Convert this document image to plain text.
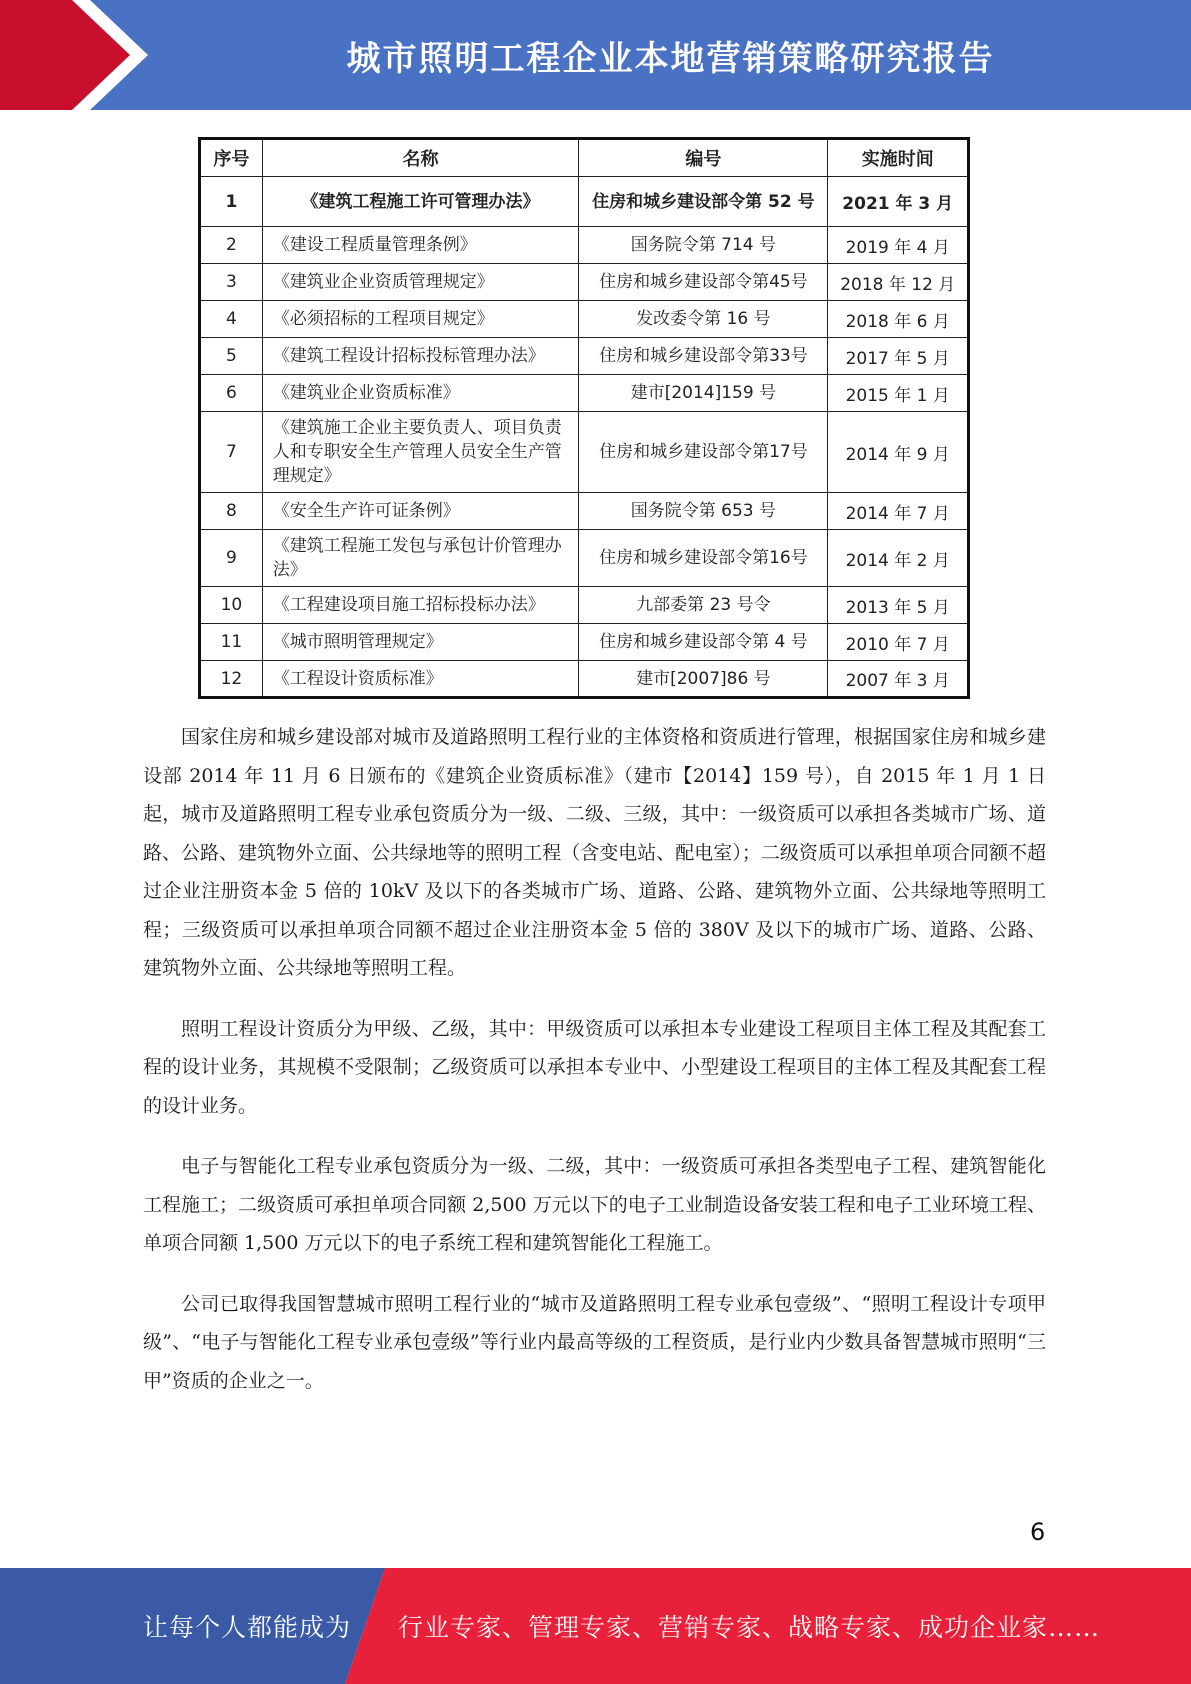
城市照明工程企业本地营销策略研究报告
序号	名称	编号	实施时间
1	《建筑工程施工许可管理办法》	住房和城乡建设部令第 52 号	2021 年 3 月
2	《建设工程质量管理条例》	国务院令第 714 号	2019 年 4 月
3	《建筑业企业资质管理规定》	住房和城乡建设部令第45号	2018 年 12 月
4	《必须招标的工程项目规定》	发改委令第 16 号	2018 年 6 月
5	《建筑工程设计招标投标管理办法》	住房和城乡建设部令第33号	2017 年 5 月
6	《建筑业企业资质标准》	建市[2014]159 号	2015 年 1 月
7	《建筑施工企业主要负责人、项目负责人和专职安全生产管理人员安全生产管理规定》	住房和城乡建设部令第17号	2014 年 9 月
8	《安全生产许可证条例》	国务院令第 653 号	2014 年 7 月
9	《建筑工程施工发包与承包计价管理办法》	住房和城乡建设部令第16号	2014 年 2 月
10	《工程建设项目施工招标投标办法》	九部委第 23 号令	2013 年 5 月
11	《城市照明管理规定》	住房和城乡建设部令第 4 号	2010 年 7 月
12	《工程设计资质标准》	建市[2007]86 号	2007 年 3 月

国家住房和城乡建设部对城市及道路照明工程行业的主体资格和资质进行管理，根据国家住房和城乡建设部 2014 年 11 月 6 日颁布的《建筑企业资质标准》（建市【2014】159 号），自 2015 年 1 月 1 日起，城市及道路照明工程专业承包资质分为一级、二级、三级，其中：一级资质可以承担各类城市广场、道路、公路、建筑物外立面、公共绿地等的照明工程（含变电站、配电室）；二级资质可以承担单项合同额不超过企业注册资本金 5 倍的 10kV 及以下的各类城市广场、道路、公路、建筑物外立面、公共绿地等照明工程；三级资质可以承担单项合同额不超过企业注册资本金 5 倍的 380V 及以下的城市广场、道路、公路、建筑物外立面、公共绿地等照明工程。

照明工程设计资质分为甲级、乙级，其中：甲级资质可以承担本专业建设工程项目主体工程及其配套工程的设计业务，其规模不受限制；乙级资质可以承担本专业中、小型建设工程项目的主体工程及其配套工程的设计业务。

电子与智能化工程专业承包资质分为一级、二级，其中：一级资质可承担各类型电子工程、建筑智能化工程施工；二级资质可承担单项合同额 2,500 万元以下的电子工业制造设备安装工程和电子工业环境工程、单项合同额 1,500 万元以下的电子系统工程和建筑智能化工程施工。

公司已取得我国智慧城市照明工程行业的“城市及道路照明工程专业承包壹级”、“照明工程设计专项甲级”、“电子与智能化工程专业承包壹级”等行业内最高等级的工程资质，是行业内少数具备智慧城市照明“三甲”资质的企业之一。

6
让每个人都能成为 行业专家、管理专家、营销专家、战略专家、成功企业家……
